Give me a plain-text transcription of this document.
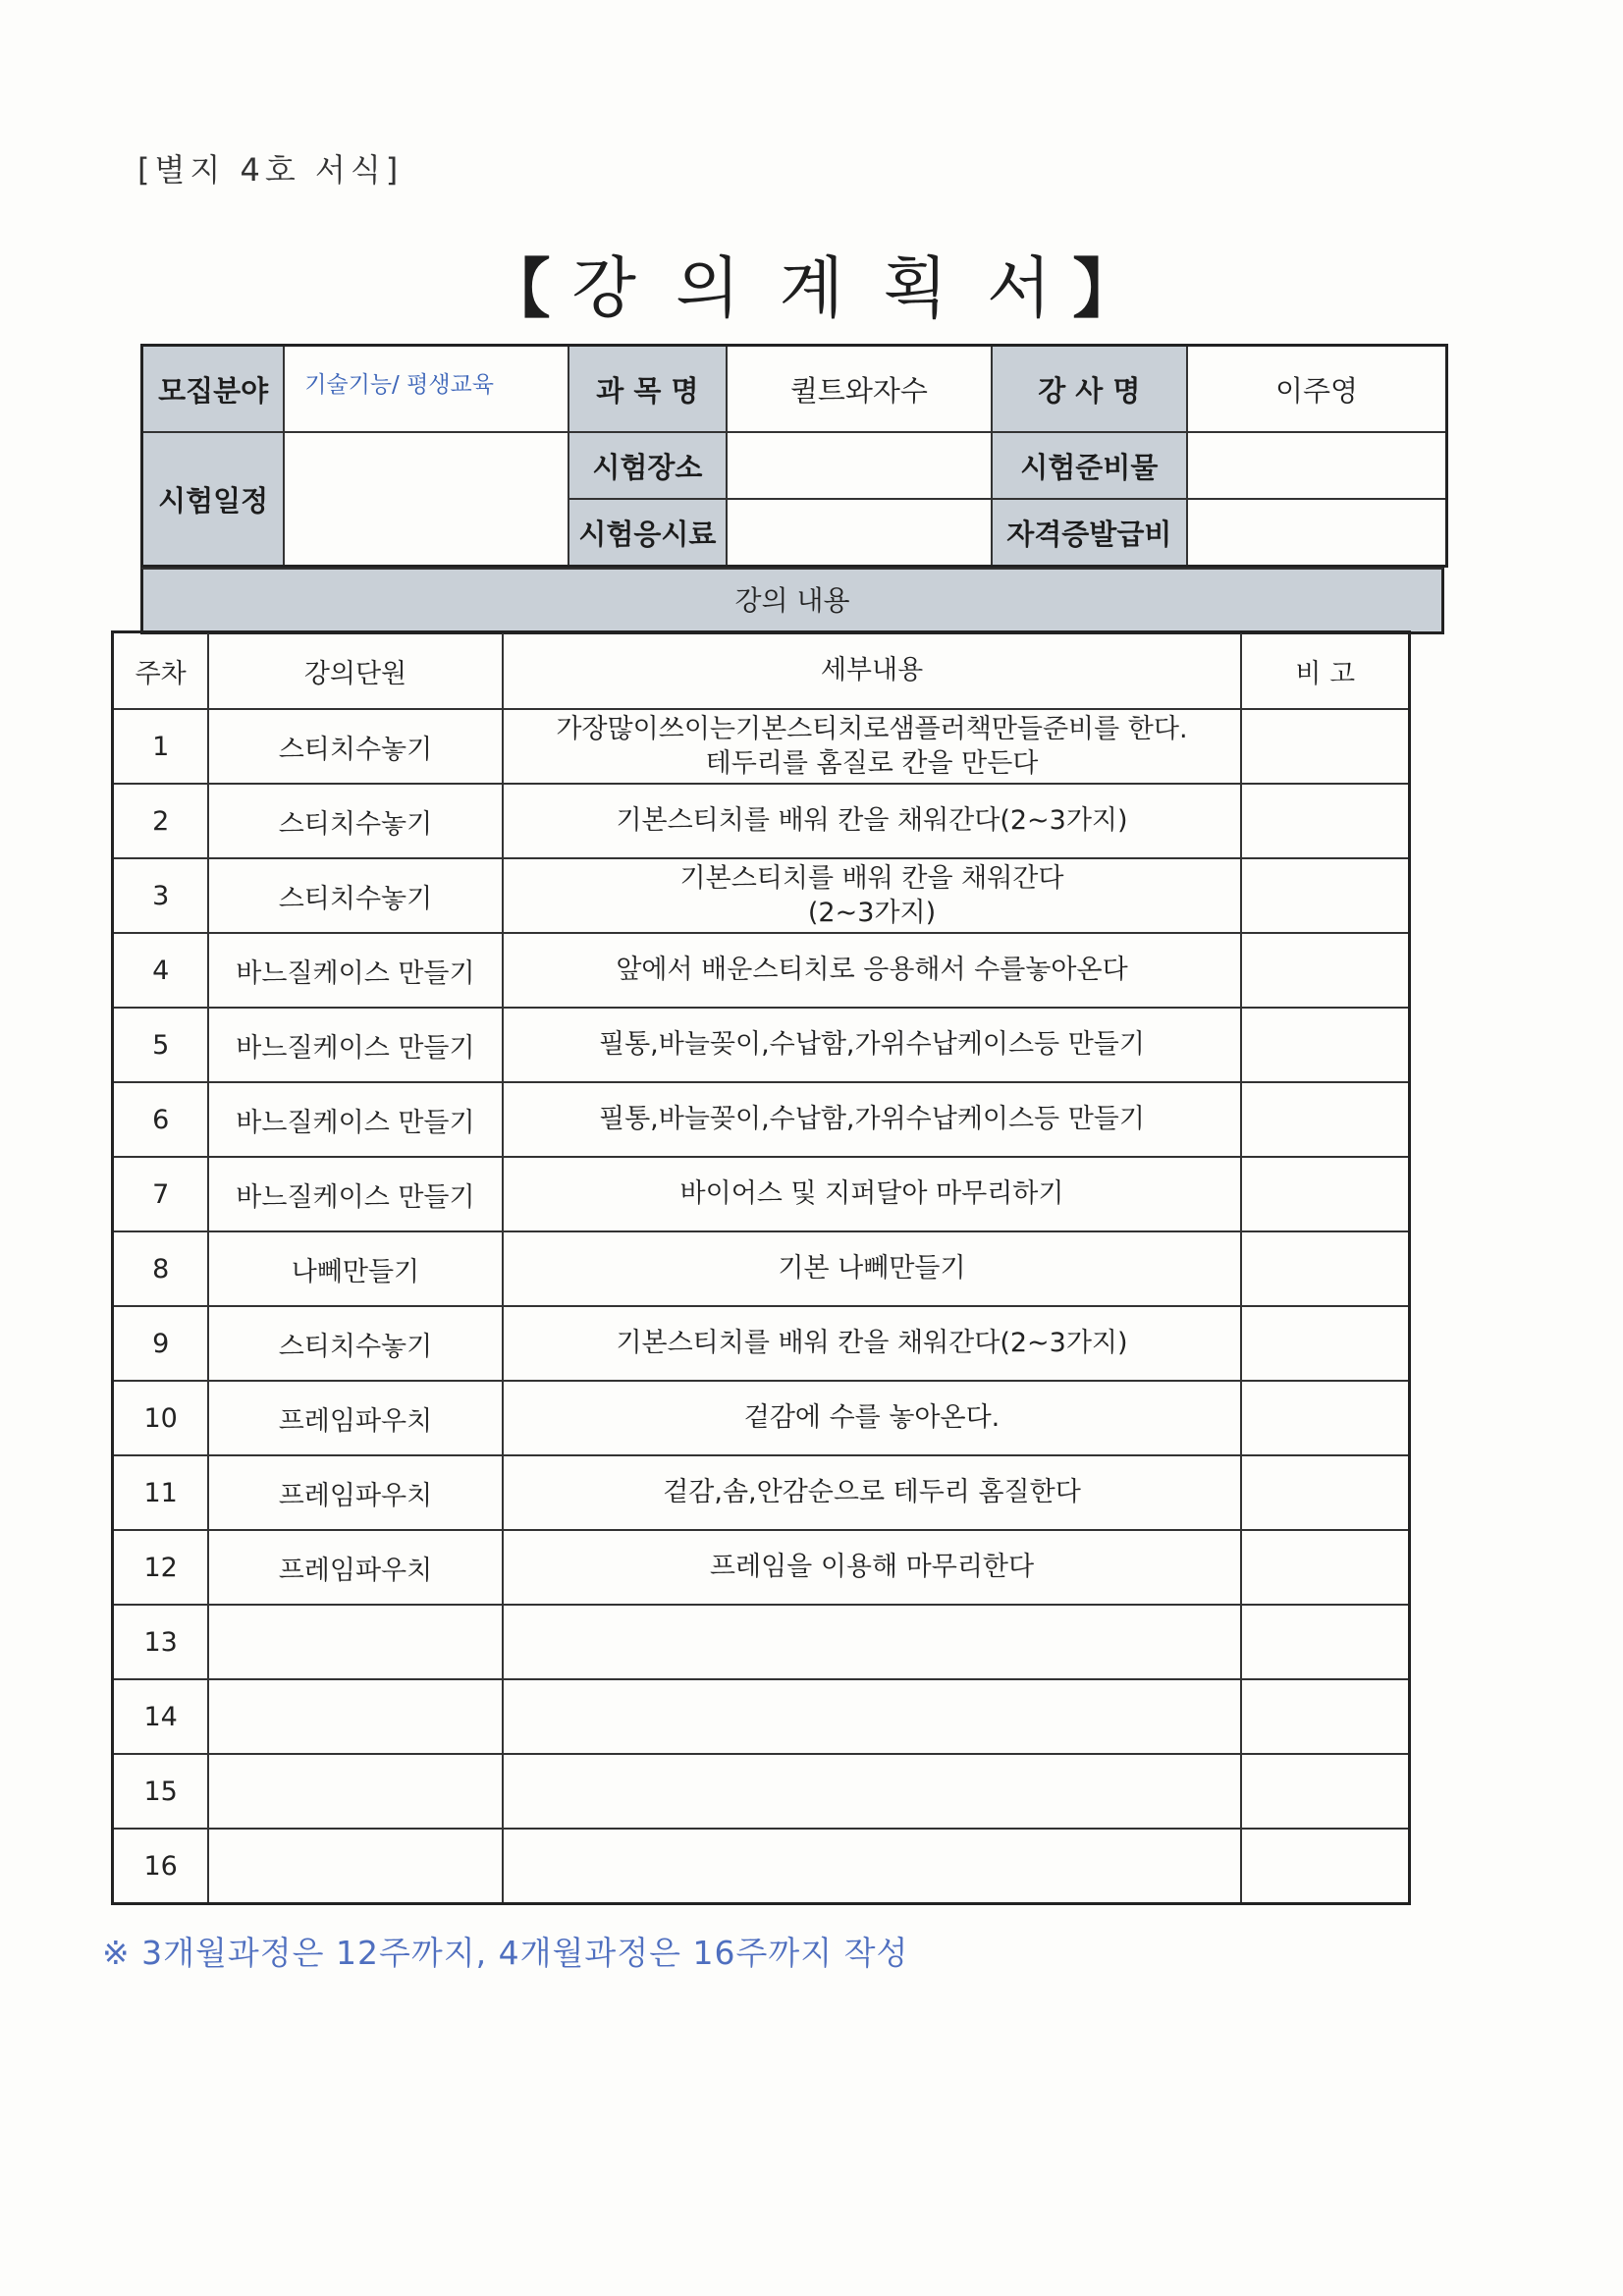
[별지 4호 서식]
【 강의계획서 】
모집분야	기술기능/ 평생교육	과 목 명	퀼트와자수	강 사 명	이주영
시험일정		시험장소		시험준비물	
		시험응시료		자격증발급비	
강의 내용
주차	강의단원	세부내용	비 고
1	스티치수놓기	가장많이쓰이는기본스티치로샘플러책만들준비를 한다.
테두리를 홈질로 칸을 만든다	
2	스티치수놓기	기본스티치를 배워 칸을 채워간다(2~3가지)	
3	스티치수놓기	기본스티치를 배워 칸을 채워간다
(2~3가지)	
4	바느질케이스 만들기	앞에서 배운스티치로 응용해서 수를놓아온다	
5	바느질케이스 만들기	필통,바늘꽂이,수납함,가위수납케이스등 만들기	
6	바느질케이스 만들기	필통,바늘꽂이,수납함,가위수납케이스등 만들기	
7	바느질케이스 만들기	바이어스 및 지퍼달아 마무리하기	
8	나뻬만들기	기본 나뻬만들기	
9	스티치수놓기	기본스티치를 배워 칸을 채워간다(2~3가지)	
10	프레임파우치	겉감에 수를 놓아온다.	
11	프레임파우치	겉감,솜,안감순으로 테두리 홈질한다	
12	프레임파우치	프레임을 이용해 마무리한다	
13			
14			
15			
16			
※ 3개월과정은 12주까지, 4개월과정은 16주까지 작성
